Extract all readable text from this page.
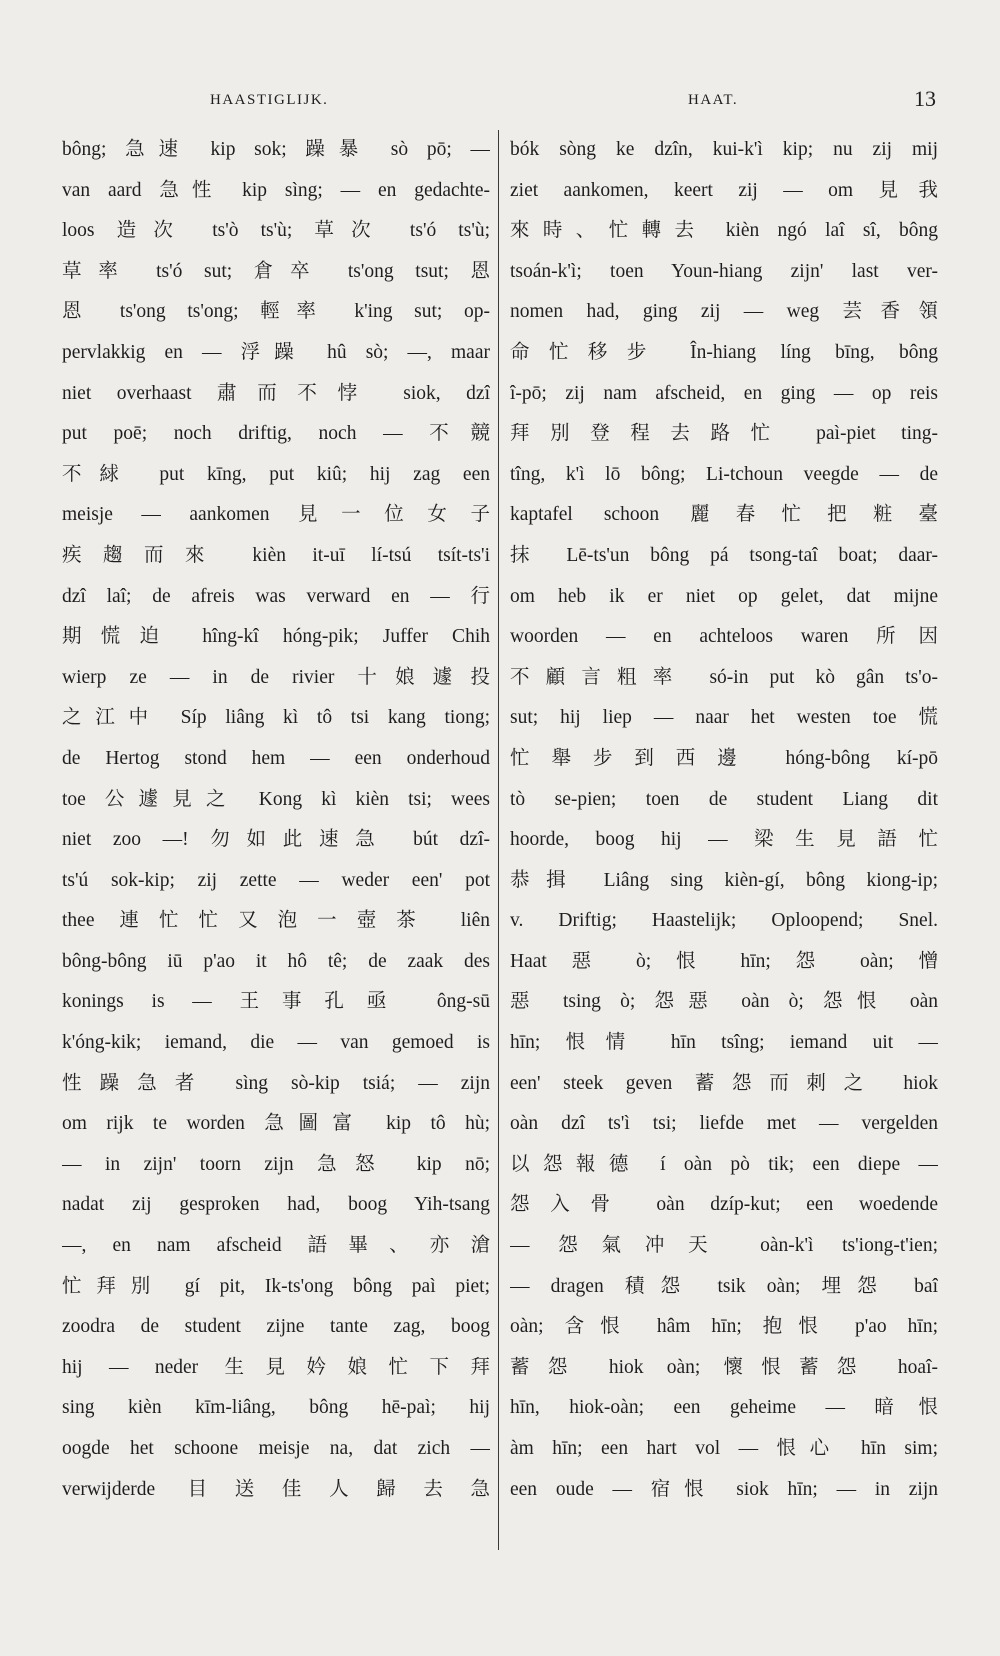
HAASTIGLIJK.	HAAT.	13
bông; 急速 kip sok; 躁暴 sò pō; —
van aard 急性 kip sìng; — en gedachte-
loos 造次 ts'ò ts'ù; 草次 ts'ó ts'ù;
草率 ts'ó sut; 倉卒 ts'ong tsut; 恩
恩 ts'ong ts'ong; 輕率 k'ing sut; op-
pervlakkig en — 浮躁 hû sò; —, maar
niet overhaast 肅而不悖 siok, dzî
put poē; noch driftig, noch — 不競
不絿 put kīng, put kiû; hij zag een
meisje — aankomen 見一位女子
疾趨而來 kièn it-uī lí-tsú tsít-ts'i
dzî laî; de afreis was verward en — 行
期慌迫 hîng-kî hóng-pik; Juffer Chih
wierp ze — in de rivier 十娘遽投
之江中 Síp liâng kì tô tsi kang tiong;
de Hertog stond hem — een onderhoud
toe 公遽見之 Kong kì kièn tsi; wees
niet zoo —! 勿如此速急 bút dzî-
ts'ú sok-kip; zij zette — weder een' pot
thee 連忙忙又泡一壺茶 liên
bông-bông iū p'ao it hô tê; de zaak des
konings is — 王事孔亟 ông-sū
k'óng-kik; iemand, die — van gemoed is
性躁急者 sìng sò-kip tsiá; — zijn
om rijk te worden 急圖富 kip tô hù;
— in zijn' toorn zijn 急怒 kip nō;
nadat zij gesproken had, boog Yih-tsang
—, en nam afscheid 語畢、亦滄
忙拜別 gí pit, Ik-ts'ong bông paì piet;
zoodra de student zijne tante zag, boog
hij — neder 生見妗娘忙下拜
sing kièn kīm-liâng, bông hē-paì; hij
oogde het schoone meisje na, dat zich —
verwijderde 目送佳人歸去急
bók sòng ke dzîn, kui-k'ì kip; nu zij mij
ziet aankomen, keert zij — om 見我
來時、忙轉去 kièn ngó laî sî, bông
tsoán-k'ì; toen Youn-hiang zijn' last ver-
nomen had, ging zij — weg 芸香領
命忙移步 În-hiang líng bīng, bông
î-pō; zij nam afscheid, en ging — op reis
拜別登程去路忙 paì-piet ting-
tîng, k'ì lō bông; Li-tchoun veegde — de
kaptafel schoon 麗春忙把粧臺
抹 Lē-ts'un bông pá tsong-taî boat; daar-
om heb ik er niet op gelet, dat mijne
woorden — en achteloos waren 所因
不顧言粗率 só-in put kò gân ts'o-
sut; hij liep — naar het westen toe 慌
忙舉步到西邊 hóng-bông kí-pō
tò se-pien; toen de student Liang dit
hoorde, boog hij — 梁生見語忙
恭揖 Liâng sing kièn-gí, bông kiong-ip;
v. Driftig; Haastelijk; Oploopend; Snel.
Haat 惡 ò; 恨 hīn; 怨 oàn; 憎
惡 tsing ò; 怨惡 oàn ò; 怨恨 oàn
hīn; 恨情 hīn tsîng; iemand uit —
een' steek geven 蓄怨而刺之 hiok
oàn dzî ts'ì tsi; liefde met — vergelden
以怨報德 í oàn pò tik; een diepe —
怨入骨 oàn dzíp-kut; een woedende
— 怨氣冲天 oàn-k'ì ts'iong-t'ien;
— dragen 積怨 tsik oàn; 埋怨 baî
oàn; 含恨 hâm hīn; 抱恨 p'ao hīn;
蓄怨 hiok oàn; 懷恨蓄怨 hoaî-
hīn, hiok-oàn; een geheime — 暗恨
àm hīn; een hart vol — 恨心 hīn sim;
een oude — 宿恨 siok hīn; — in zijn
